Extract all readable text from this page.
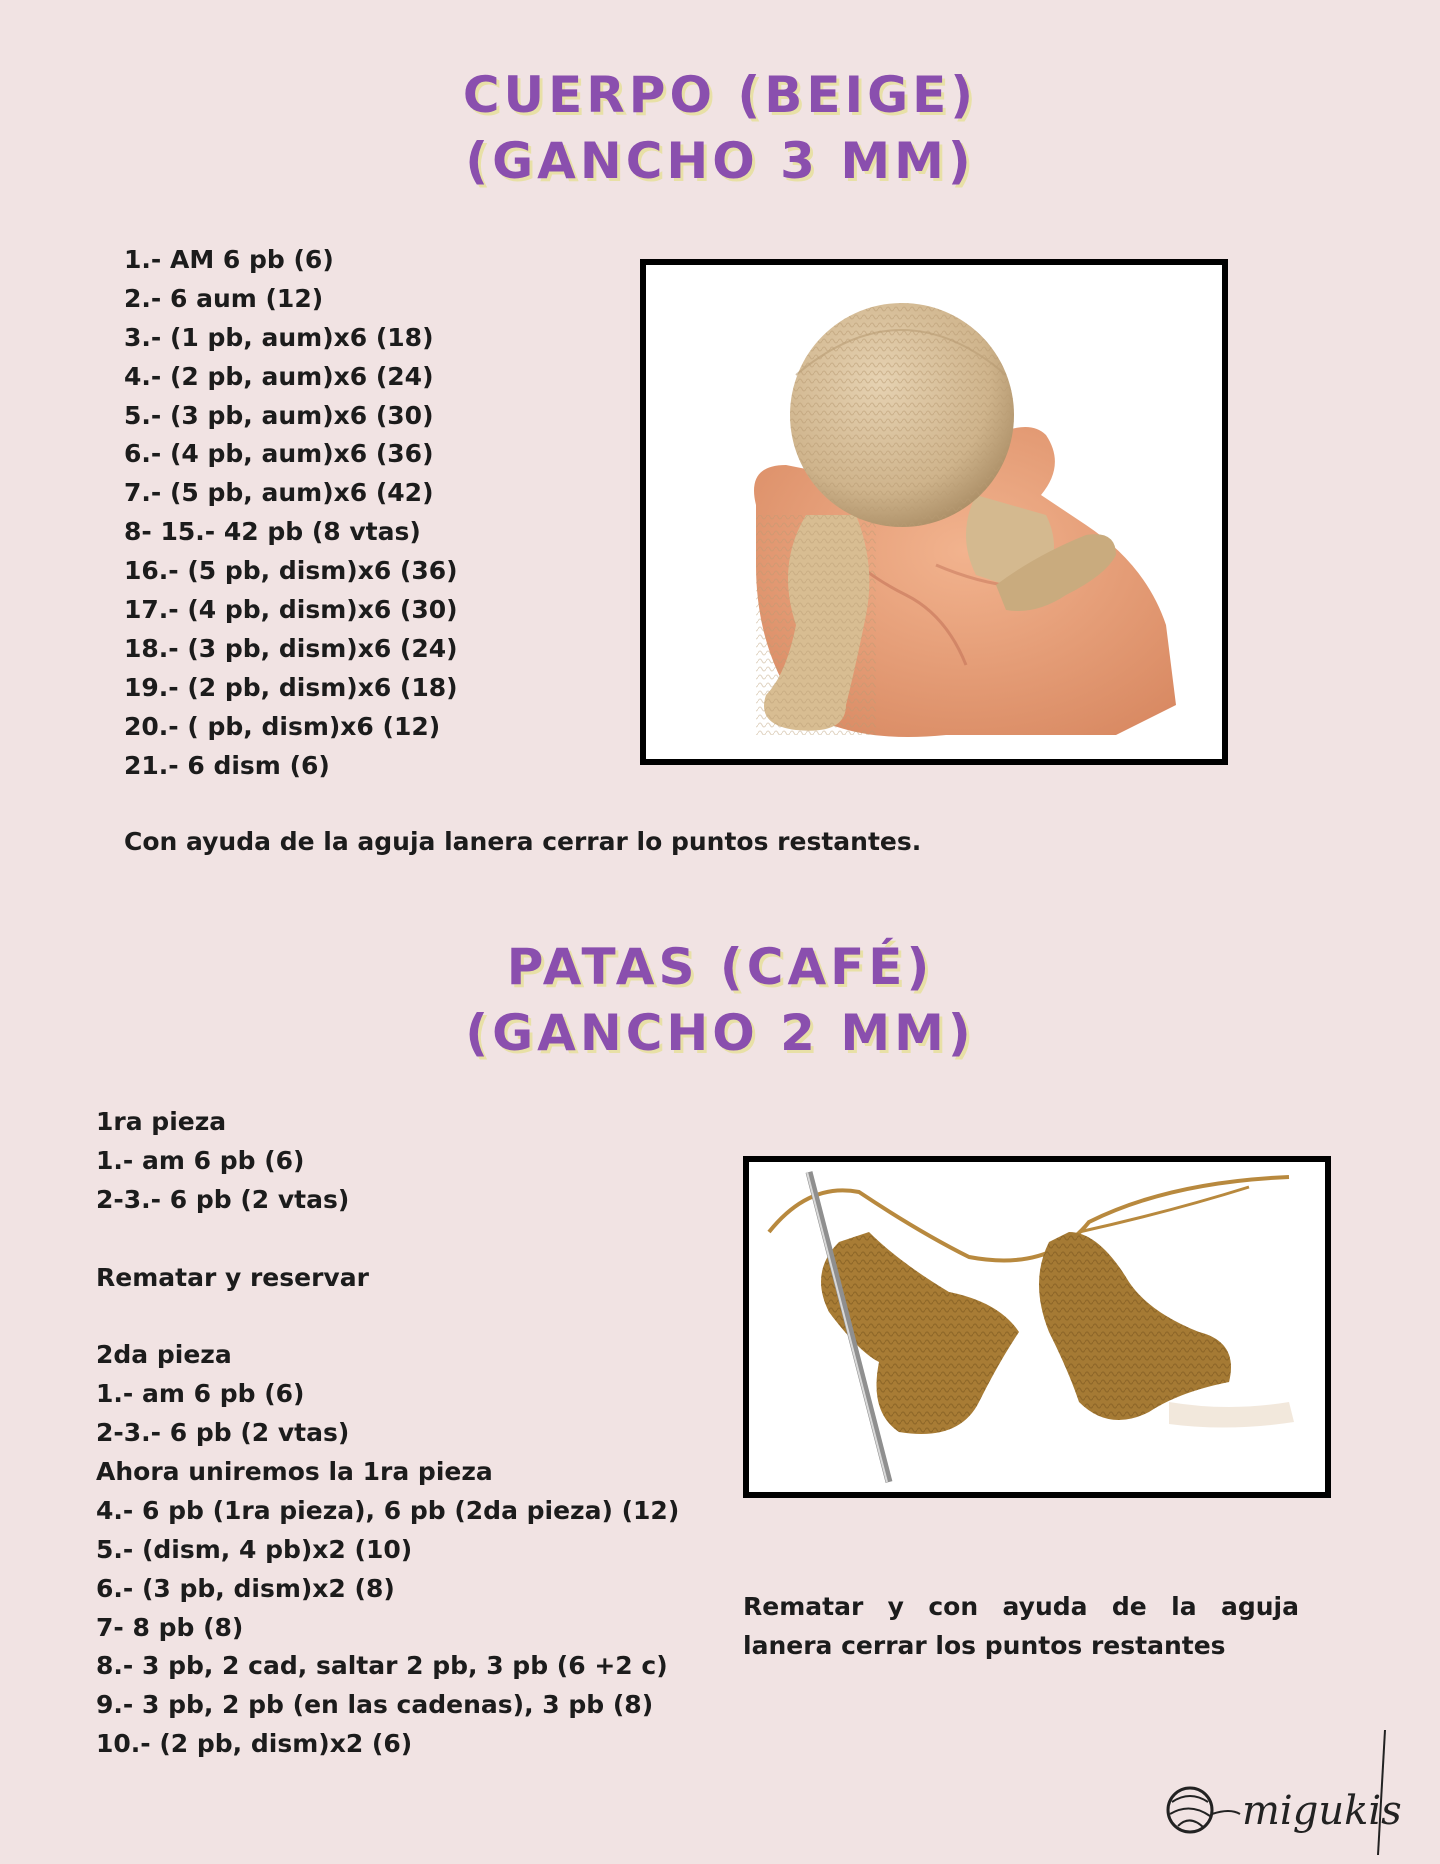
CUERPO (BEIGE)
(GANCHO 3 MM)
1.- AM 6 pb (6)
2.- 6 aum (12)
3.- (1 pb, aum)x6 (18)
4.- (2 pb, aum)x6 (24)
5.- (3 pb, aum)x6 (30)
6.- (4 pb, aum)x6 (36)
7.- (5 pb, aum)x6 (42)
8- 15.- 42 pb (8 vtas)
16.- (5 pb, dism)x6 (36)
17.- (4 pb, dism)x6 (30)
18.- (3 pb, dism)x6 (24)
19.- (2 pb, dism)x6 (18)
20.- ( pb, dism)x6 (12)
21.- 6 dism (6)
Con ayuda de la aguja lanera cerrar lo puntos restantes.
PATAS (CAFÉ)
(GANCHO 2 MM)
1ra pieza
1.- am 6 pb (6)
2-3.- 6 pb (2 vtas)
Rematar y reservar
2da pieza
1.- am 6 pb (6)
2-3.- 6 pb (2 vtas)
Ahora uniremos la 1ra pieza
4.- 6 pb (1ra pieza), 6 pb (2da pieza) (12)
5.- (dism, 4 pb)x2 (10)
6.- (3 pb, dism)x2 (8)
7- 8 pb (8)
8.- 3 pb, 2 cad, saltar 2 pb, 3 pb (6 +2 c)
9.- 3 pb, 2 pb (en las cadenas), 3 pb (8)
10.- (2 pb, dism)x2 (6)
Rematar y con ayuda de la aguja lanera cerrar los puntos restantes
migukis
